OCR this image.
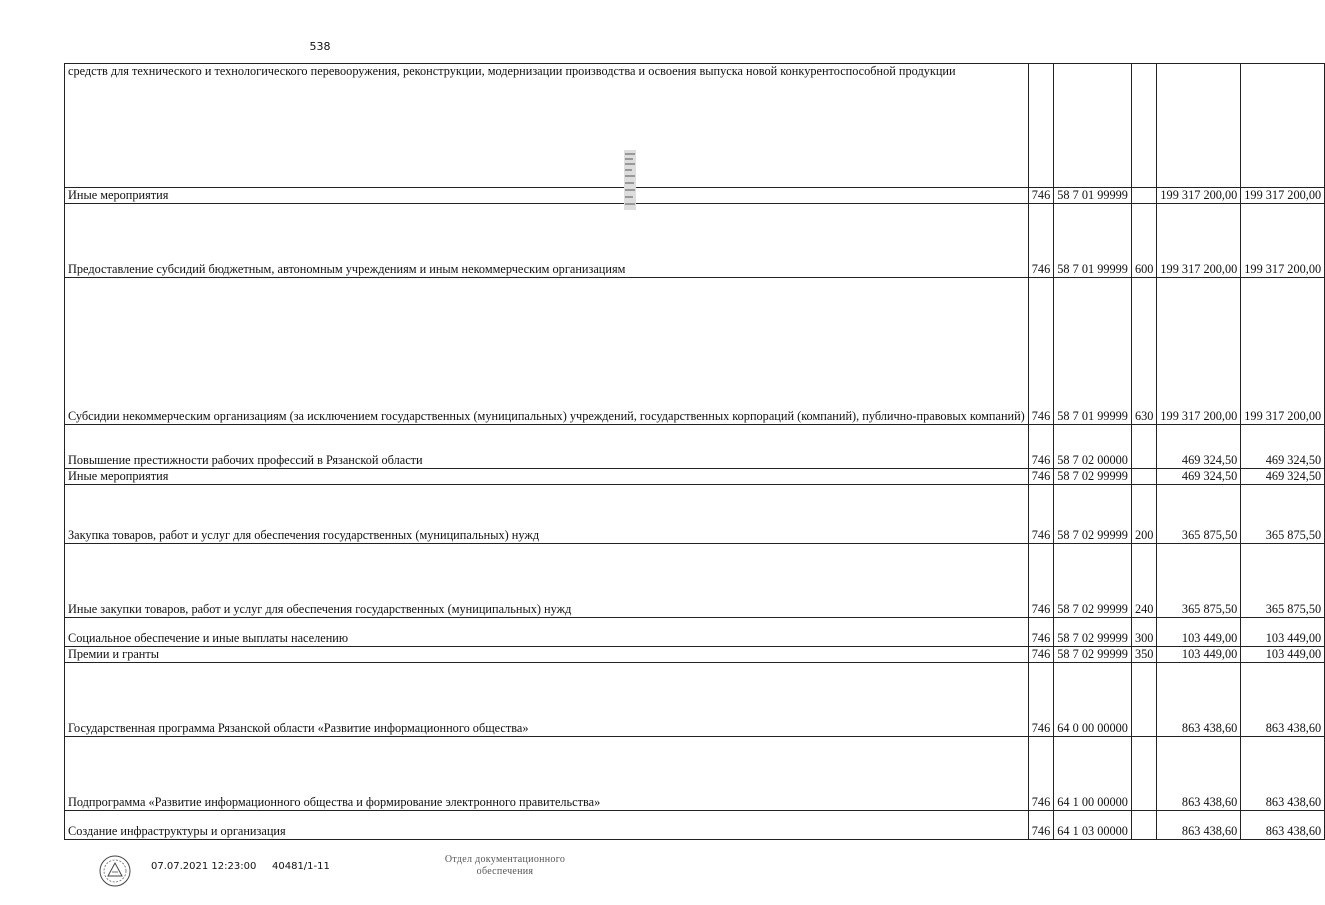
538
средств для технического и технологического перевооружения, реконструкции, модернизации производства и освоения выпуска новой конкурентоспособной продукции					
Иные мероприятия	746	58 7 01 99999		199 317 200,00	199 317 200,00
Предоставление субсидий бюджетным, автономным учреждениям и иным некоммерческим организациям	746	58 7 01 99999	600	199 317 200,00	199 317 200,00
Субсидии некоммерческим организациям (за исключением государственных (муниципальных) учреждений, государственных корпораций (компаний), публично-правовых компаний)	746	58 7 01 99999	630	199 317 200,00	199 317 200,00
Повышение престижности рабочих профессий в Рязанской области	746	58 7 02 00000		469 324,50	469 324,50
Иные мероприятия	746	58 7 02 99999		469 324,50	469 324,50
Закупка товаров, работ и услуг для обеспечения государственных (муниципальных) нужд	746	58 7 02 99999	200	365 875,50	365 875,50
Иные закупки товаров, работ и услуг для обеспечения государственных (муниципальных) нужд	746	58 7 02 99999	240	365 875,50	365 875,50
Социальное обеспечение и иные выплаты населению	746	58 7 02 99999	300	103 449,00	103 449,00
Премии и гранты	746	58 7 02 99999	350	103 449,00	103 449,00
Государственная программа Рязанской области «Развитие информационного общества»	746	64 0 00 00000		863 438,60	863 438,60
Подпрограмма «Развитие информационного общества и формирование электронного правительства»	746	64 1 00 00000		863 438,60	863 438,60
Создание инфраструктуры и организация	746	64 1 03 00000		863 438,60	863 438,60
07.07.2021 12:23:00 40481/1-11
Отдел документационного
обеспечения
